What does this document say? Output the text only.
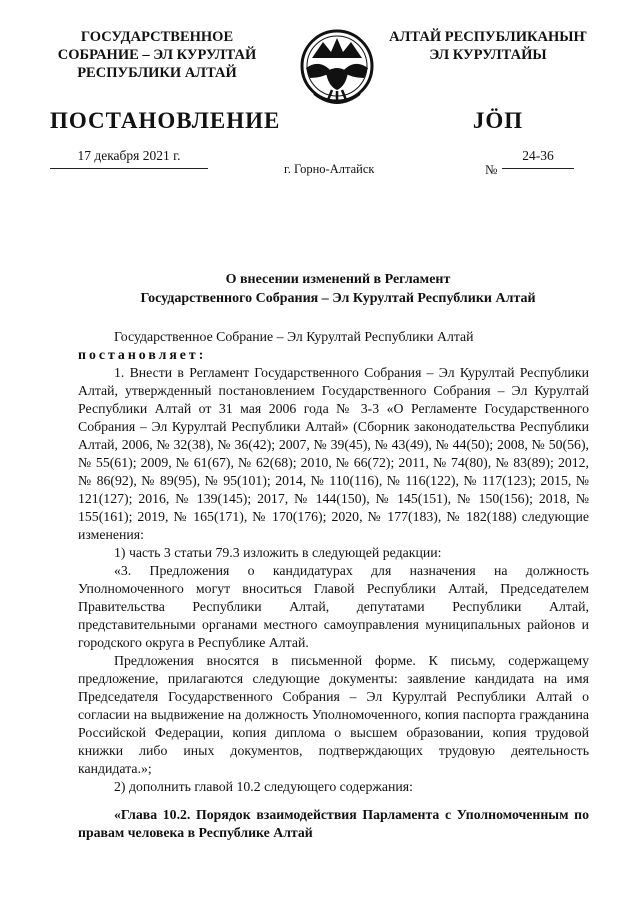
ГОСУДАРСТВЕННОЕ
СОБРАНИЕ – ЭЛ КУРУЛТАЙ
РЕСПУБЛИКИ АЛТАЙ
АЛТАЙ РЕСПУБЛИКАНЫҤ
ЭЛ КУРУЛТАЙЫ
ПОСТАНОВЛЕНИЕ	ЈӦП
17 декабря 2021 г.
г. Горно-Алтайск	№
24-36
О внесении изменений в Регламент
Государственного Собрания – Эл Курултай Республики Алтай

Государственное Собрание – Эл Курултай Республики Алтай

постановляет:

1. Внести в Регламент Государственного Собрания – Эл Курултай Республики Алтай, утвержденный постановлением Государственного Собрания – Эл Курултай Республики Алтай от 31 мая 2006 года № 3-3 «О Регламенте Государственного Собрания – Эл Курултай Республики Алтай» (Сборник законодательства Республики Алтай, 2006, № 32(38), № 36(42); 2007, № 39(45), № 43(49), № 44(50); 2008, № 50(56), № 55(61); 2009, № 61(67), № 62(68); 2010, № 66(72); 2011, № 74(80), № 83(89); 2012, № 86(92), № 89(95), № 95(101); 2014, № 110(116), № 116(122), № 117(123); 2015, № 121(127); 2016, № 139(145); 2017, № 144(150), № 145(151), № 150(156); 2018, № 155(161); 2019, № 165(171), № 170(176); 2020, № 177(183), № 182(188) следующие изменения:

1) часть 3 статьи 79.3 изложить в следующей редакции:

«3. Предложения о кандидатурах для назначения на должность Уполномоченного могут вноситься Главой Республики Алтай, Председателем Правительства Республики Алтай, депутатами Республики Алтай, представительными органами местного самоуправления муниципальных районов и городского округа в Республике Алтай.

Предложения вносятся в письменной форме. К письму, содержащему предложение, прилагаются следующие документы: заявление кандидата на имя Председателя Государственного Собрания – Эл Курултай Республики Алтай о согласии на выдвижение на должность Уполномоченного, копия паспорта гражданина Российской Федерации, копия диплома о высшем образовании, копия трудовой книжки либо иных документов, подтверждающих трудовую деятельность кандидата.»;

2) дополнить главой 10.2 следующего содержания:

«Глава 10.2. Порядок взаимодействия Парламента с Уполномоченным по правам человека в Республике Алтай
